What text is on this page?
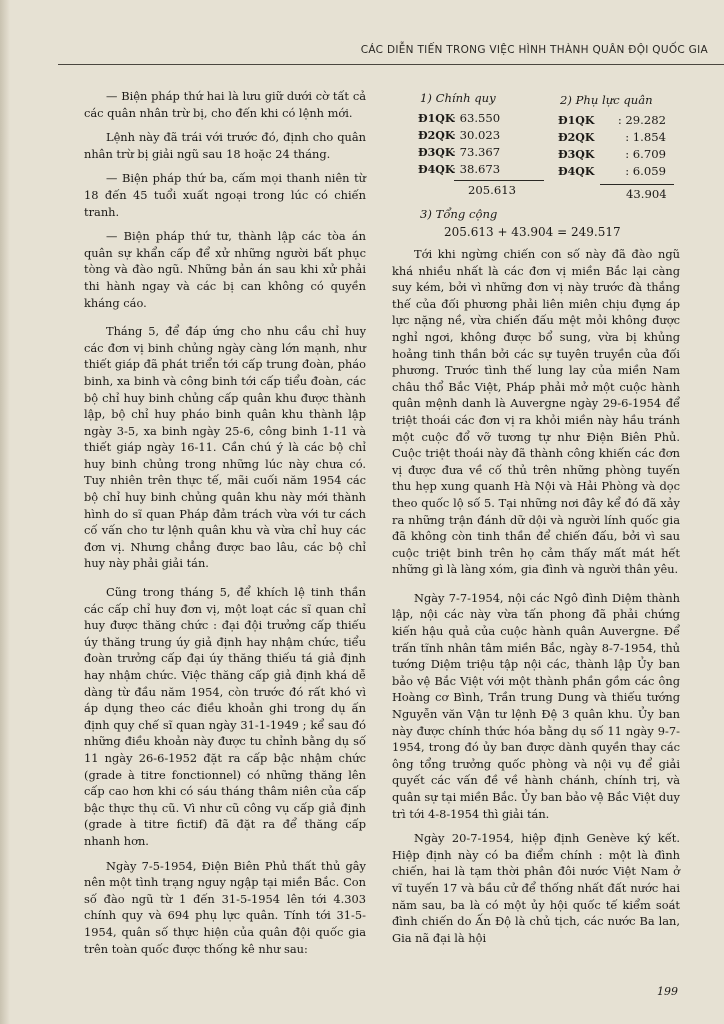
CÁC DIỄN TIẾN TRONG VIỆC HÌNH THÀNH QUÂN ĐỘI QUỐC GIA

— Biện pháp thứ hai là lưu giữ dưới cờ tất cả các quân nhân trừ bị, cho đến khi có lệnh mới.

Lệnh này đã trái với trước đó, định cho quân nhân trừ bị giải ngũ sau 18 hoặc 24 tháng.

— Biện pháp thứ ba, cấm mọi thanh niên từ 18 đến 45 tuổi xuất ngoại trong lúc có chiến tranh.

— Biện pháp thứ tư, thành lập các tòa án quân sự khẩn cấp để xử những người bất phục tòng và đào ngũ. Những bản án sau khi xử phải thi hành ngay và các bị can không có quyền kháng cáo.

Tháng 5, để đáp ứng cho nhu cầu chỉ huy các đơn vị binh chủng ngày càng lớn mạnh, như thiết giáp đã phát triển tới cấp trung đoàn, pháo binh, xa binh và công binh tới cấp tiểu đoàn, các bộ chỉ huy binh chủng cấp quân khu được thành lập, bộ chỉ huy pháo binh quân khu thành lập ngày 3-5, xa binh ngày 25-6, công binh 1-11 và thiết giáp ngày 16-11. Cần chú ý là các bộ chỉ huy binh chủng trong những lúc này chưa có. Tuy nhiên trên thực tế, mãi cuối năm 1954 các bộ chỉ huy binh chủng quân khu này mới thành hình do sĩ quan Pháp đảm trách vừa với tư cách cố vấn cho tư lệnh quân khu và vừa chỉ huy các đơn vị. Nhưng chẳng được bao lâu, các bộ chỉ huy này phải giải tán.

Cũng trong tháng 5, để khích lệ tinh thần các cấp chỉ huy đơn vị, một loạt các sĩ quan chỉ huy được thăng chức : đại đội trưởng cấp thiếu úy thăng trung úy giả định hay nhậm chức, tiểu đoàn trưởng cấp đại úy thăng thiếu tá giả định hay nhậm chức. Việc thăng cấp giả định khá dễ dàng từ đầu năm 1954, còn trước đó rất khó vì áp dụng theo các điều khoản ghi trong dụ ấn định quy chế sĩ quan ngày 31-1-1949 ; kể sau đó những điều khoản này được tu chỉnh bằng dụ số 11 ngày 26-6-1952 đặt ra cấp bậc nhậm chức (grade à titre fonctionnel) có những thăng lên cấp cao hơn khi có sáu tháng thâm niên của cấp bậc thực thụ cũ. Vì như cũ công vụ cấp giả định (grade à titre fictif) đã đặt ra để thăng cấp nhanh hơn.

Ngày 7-5-1954, Điện Biên Phủ thất thủ gây nên một tình trạng nguy ngập tại miền Bắc. Con số đào ngũ từ 1 đến 31-5-1954 lên tới 4.303 chính quy và 694 phụ lực quân. Tính tới 31-5-1954, quân số thực hiện của quân đội quốc gia trên toàn quốc được thống kê như sau:

1) Chính quy	2) Phụ lực quân
Đ1QK: 63.550
Đ2QK: 30.023
Đ3QK: 73.367
Đ4QK: 38.673
205.613
Đ1QK : 29.282
Đ2QK	: 1.854
Đ3QK	: 6.709
Đ4QK	: 6.059
43.904
3) Tổng cộng
205.613 + 43.904 = 249.517

Tới khi ngừng chiến con số này đã đào ngũ khá nhiều nhất là các đơn vị miền Bắc lại càng suy kém, bởi vì những đơn vị này trước đà thắng thế của đối phương phải liên miên chịu đựng áp lực nặng nề, vừa chiến đấu mệt mỏi không được nghỉ ngơi, không được bổ sung, vừa bị khủng hoảng tinh thần bởi các sự tuyên truyền của đối phương. Trước tình thế lung lay của miền Nam châu thổ Bắc Việt, Pháp phải mở một cuộc hành quân mệnh danh là Auvergne ngày 29-6-1954 để triệt thoái các đơn vị ra khỏi miền này hầu tránh một cuộc đổ vỡ tương tự như Điện Biên Phủ. Cuộc triệt thoái này đã thành công khiến các đơn vị được đưa về cố thủ trên những phòng tuyến thu hẹp xung quanh Hà Nội và Hải Phòng và dọc theo quốc lộ số 5. Tại những nơi đây kể đó đã xảy ra những trận đánh dữ dội và người lính quốc gia đã không còn tinh thần để chiến đấu, bởi vì sau cuộc triệt binh trên họ cảm thấy mất mát hết những gì là làng xóm, gia đình và người thân yêu.

Ngày 7-7-1954, nội các Ngô đình Diệm thành lập, nội các này vừa tấn phong đã phải chứng kiến hậu quả của cuộc hành quân Auvergne. Để trấn tĩnh nhân tâm miền Bắc, ngày 8-7-1954, thủ tướng Diệm triệu tập nội các, thành lập Ủy ban bảo vệ Bắc Việt với một thành phần gồm các ông Hoàng cơ Bình, Trần trung Dung và thiếu tướng Nguyễn văn Vận tư lệnh Đệ 3 quân khu. Ủy ban này được chính thức hóa bằng dụ số 11 ngày 9-7-1954, trong đó ủy ban được dành quyền thay các ông tổng trưởng quốc phòng và nội vụ để giải quyết các vấn đề về hành chánh, chính trị, và quân sự tại miền Bắc. Ủy ban bảo vệ Bắc Việt duy trì tới 4-8-1954 thì giải tán.

Ngày 20-7-1954, hiệp định Genève ký kết. Hiệp định này có ba điểm chính : một là đình chiến, hai là tạm thời phân đôi nước Việt Nam ở vĩ tuyến 17 và bầu cử để thống nhất đất nước hai năm sau, ba là có một ủy hội quốc tế kiểm soát đình chiến do Ấn Độ là chủ tịch, các nước Ba lan, Gia nã đại là hội

199
